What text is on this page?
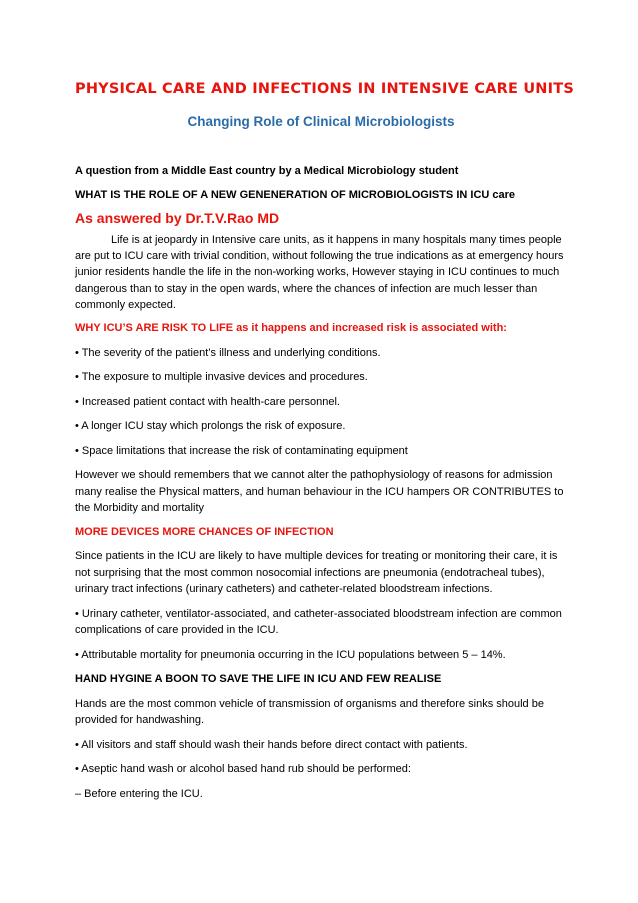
PHYSICAL CARE AND INFECTIONS IN INTENSIVE CARE UNITS
Changing Role of Clinical Microbiologists

A question from a Middle East country by a Medical Microbiology student

WHAT IS THE ROLE OF A NEW GENENERATION OF MICROBIOLOGISTS IN ICU care

As answered by Dr.T.V.Rao MD

Life is at jeopardy in Intensive care units, as it happens in many hospitals many times people are put to ICU care with trivial condition, without following the true indications as at emergency hours junior residents handle the life in the non-working works, However staying in ICU continues to much dangerous than to stay in the open wards, where the chances of infection are much lesser than commonly expected.

WHY ICU’S ARE RISK TO LIFE as it happens and increased risk is associated with:

• The severity of the patient’s illness and underlying conditions.

• The exposure to multiple invasive devices and procedures.

• Increased patient contact with health-care personnel.

• A longer ICU stay which prolongs the risk of exposure.

• Space limitations that increase the risk of contaminating equipment

However we should remembers that we cannot alter the pathophysiology of reasons for admission many realise the Physical matters, and human behaviour in the ICU hampers OR CONTRIBUTES to the Morbidity and mortality

MORE DEVICES MORE CHANCES OF INFECTION

Since patients in the ICU are likely to have multiple devices for treating or monitoring their care, it is not surprising that the most common nosocomial infections are pneumonia (endotracheal tubes), urinary tract infections (urinary catheters) and catheter-related bloodstream infections.

• Urinary catheter, ventilator-associated, and catheter-associated bloodstream infection are common complications of care provided in the ICU.

• Attributable mortality for pneumonia occurring in the ICU populations between 5 – 14%.

HAND HYGINE A BOON TO SAVE THE LIFE IN ICU AND FEW REALISE

Hands are the most common vehicle of transmission of organisms and therefore sinks should be provided for handwashing.

• All visitors and staff should wash their hands before direct contact with patients.

• Aseptic hand wash or alcohol based hand rub should be performed:

– Before entering the ICU.
